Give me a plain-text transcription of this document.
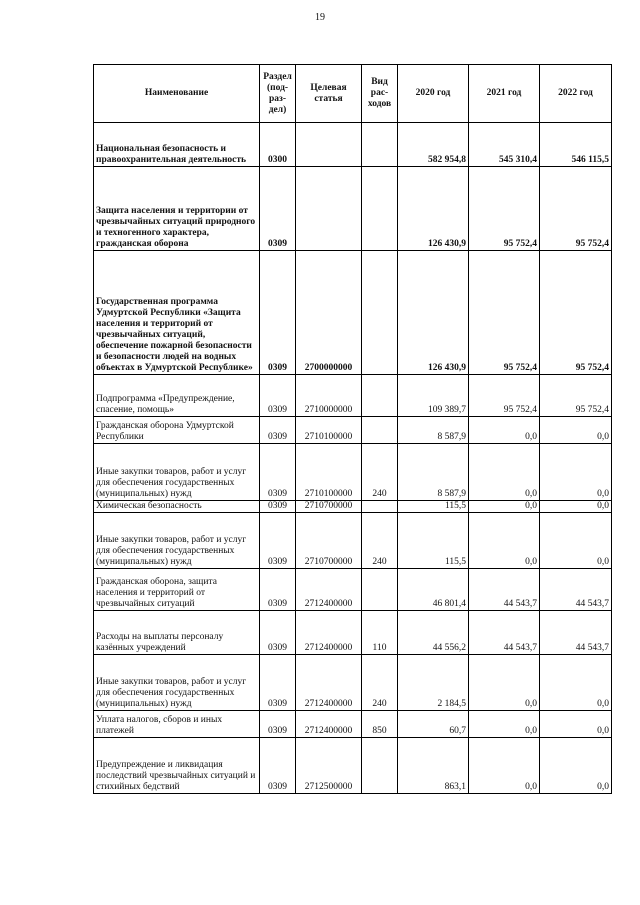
19
Наименование	Раздел (под-раз-дел)	Целевая статья	Вид рас-ходов	2020 год	2021 год	2022 год
Национальная безопасность и правоохранительная деятельность	0300			582 954,8	545 310,4	546 115,5
Защита населения и территории от чрезвычайных ситуаций природного и техногенного характера, гражданская оборона	0309			126 430,9	95 752,4	95 752,4
Государственная программа Удмуртской Республики «Защита населения и территорий от чрезвычайных ситуаций, обеспечение пожарной безопасности и безопасности людей на водных объектах в Удмуртской Республике»	0309	2700000000		126 430,9	95 752,4	95 752,4
Подпрограмма «Предупреждение, спасение, помощь»	0309	2710000000		109 389,7	95 752,4	95 752,4
Гражданская оборона Удмуртской Республики	0309	2710100000		8 587,9	0,0	0,0
Иные закупки товаров, работ и услуг для обеспечения государственных (муниципальных) нужд	0309	2710100000	240	8 587,9	0,0	0,0
Химическая безопасность	0309	2710700000		115,5	0,0	0,0
Иные закупки товаров, работ и услуг для обеспечения государственных (муниципальных) нужд	0309	2710700000	240	115,5	0,0	0,0
Гражданская оборона, защита населения и территорий от чрезвычайных ситуаций	0309	2712400000		46 801,4	44 543,7	44 543,7
Расходы на выплаты персоналу казённых учреждений	0309	2712400000	110	44 556,2	44 543,7	44 543,7
Иные закупки товаров, работ и услуг для обеспечения государственных (муниципальных) нужд	0309	2712400000	240	2 184,5	0,0	0,0
Уплата налогов, сборов и иных платежей	0309	2712400000	850	60,7	0,0	0,0
Предупреждение и ликвидация последствий чрезвычайных ситуаций и стихийных бедствий	0309	2712500000		863,1	0,0	0,0
